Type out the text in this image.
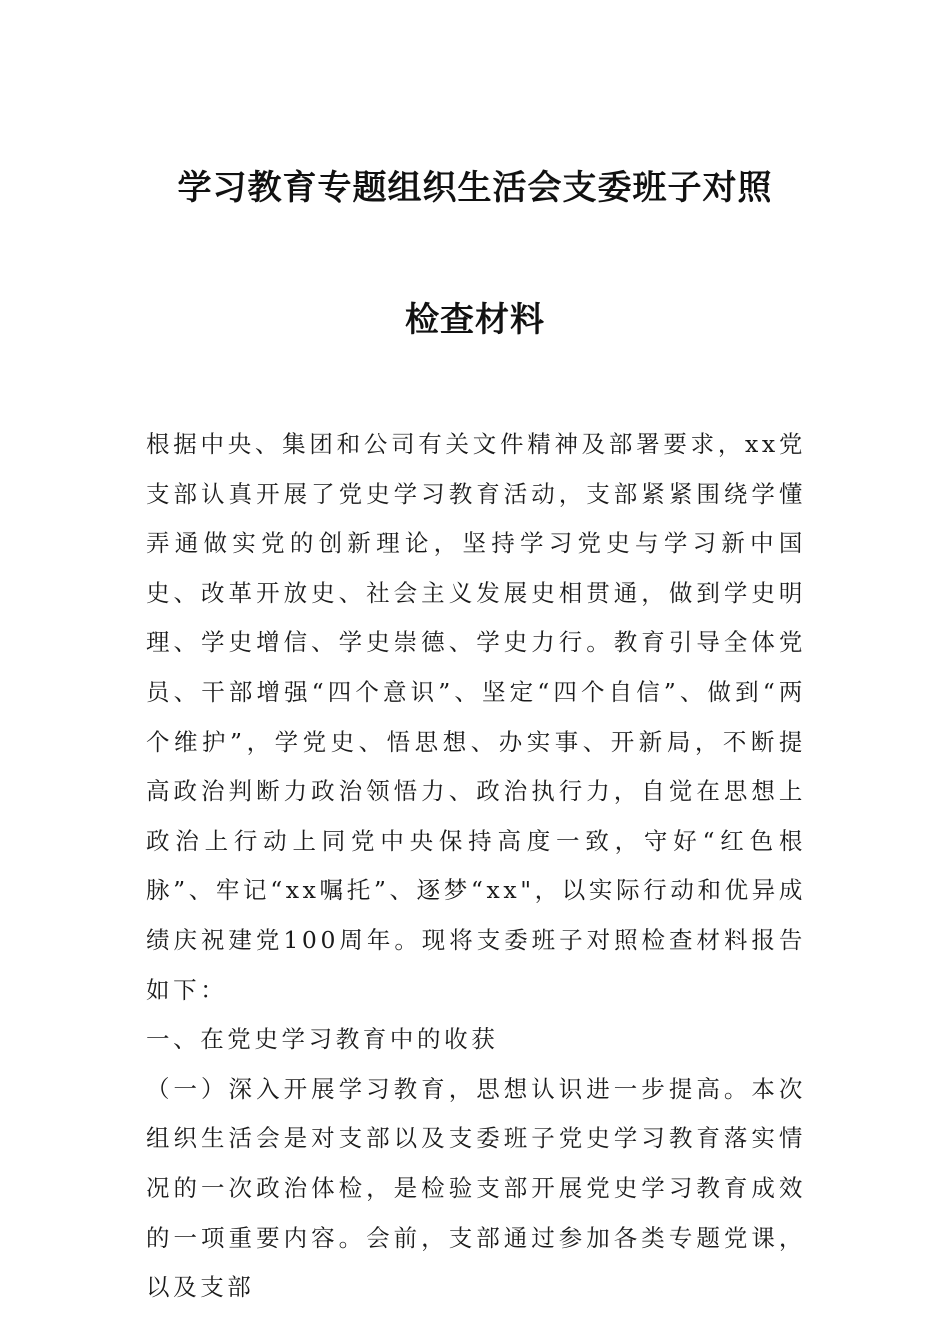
学习教育专题组织生活会支委班子对照
检查材料

根据中央、集团和公司有关文件精神及部署要求，xx党支部认真开展了党史学习教育活动，支部紧紧围绕学懂弄通做实党的创新理论，坚持学习党史与学习新中国史、改革开放史、社会主义发展史相贯通，做到学史明理、学史增信、学史崇德、学史力行。教育引导全体党员、干部增强“四个意识”、坚定“四个自信”、做到“两个维护”，学党史、悟思想、办实事、开新局，不断提高政治判断力政治领悟力、政治执行力，自觉在思想上政治上行动上同党中央保持高度一致，守好“红色根脉”、牢记“xx嘱托”、逐梦“xx"，以实际行动和优异成绩庆祝建党100周年。现将支委班子对照检查材料报告如下：

一、在党史学习教育中的收获

（一）深入开展学习教育，思想认识进一步提高。本次组织生活会是对支部以及支委班子党史学习教育落实情况的一次政治体检，是检验支部开展党史学习教育成效的一项重要内容。会前，支部通过参加各类专题党课，以及支部
